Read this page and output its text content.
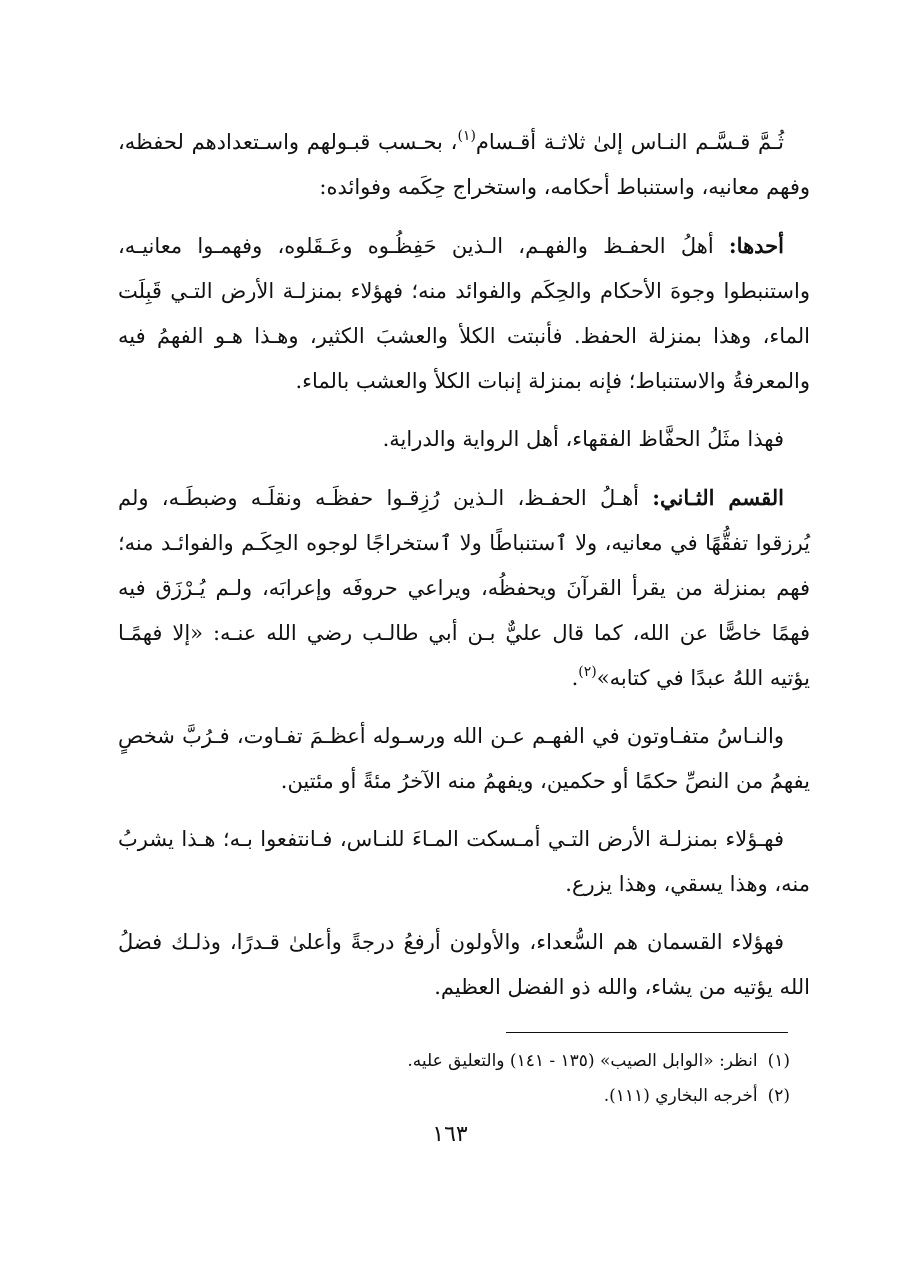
ثُـمَّ قـسَّـم النـاس إلىٰ ثلاثـة أقـسام$^{(١)}$، بحـسب قبـولهم واسـتعدادهم لحفظه، وفهم معانيه، واستنباط أحكامه، واستخراج حِكَمه وفوائده:

أحدها: أهلُ الحفـظ والفهـم، الـذين حَفِظُـوه وعَـقَلوه، وفهمـوا معانيـه، واستنبطوا وجوهَ الأحكام والحِكَم والفوائد منه؛ فهؤلاء بمنزلـة الأرض التـي قَبِلَت الماء، وهذا بمنزلة الحفظ. فأنبتت الكلأ والعشبَ الكثير، وهـذا هـو الفهمُ فيه والمعرفةُ والاستنباط؛ فإنه بمنزلة إنبات الكلأ والعشب بالماء.

فهذا مثَلُ الحفَّاظ الفقهاء، أهل الرواية والدراية.

القسم الثـاني: أهـلُ الحفـظ، الـذين رُزِقـوا حفظَـه ونقلَـه وضبطَـه، ولم يُرزقوا تفقُّهًا في معانيه، ولا ٱستنباطًا ولا ٱستخراجًا لوجوه الحِكَـم والفوائـد منه؛ فهم بمنزلة من يقرأ القرآنَ ويحفظُه، ويراعي حروفَه وإعرابَه، ولـم يُـرْزَق فيه فهمًا خاصًّا عن الله، كما قال عليٌّ بـن أبي طالـب رضي الله عنـه: «إلا فهمًـا يؤتيه اللهُ عبدًا في كتابه»$^{(٢)}$.

والنـاسُ متفـاوتون في الفهـم عـن الله ورسـوله أعظـمَ تفـاوت، فـرُبَّ شخصٍ يفهمُ من النصِّ حكمًا أو حكمين، ويفهمُ منه الآخرُ مئةً أو مئتين.

فهـؤلاء بمنزلـة الأرض التـي أمـسكت المـاءَ للنـاس، فـانتفعوا بـه؛ هـذا يشربُ منه، وهذا يسقي، وهذا يزرع.

فهؤلاء القسمان هم السُّعداء، والأولون أرفعُ درجةً وأعلىٰ قـدرًا، وذلـك فضلُ الله يؤتيه من يشاء، والله ذو الفضل العظيم.

(١)انظر: «الوابل الصيب» (١٣٥ - ١٤١) والتعليق عليه.

(٢)أخرجه البخاري (١١١).

١٦٣
